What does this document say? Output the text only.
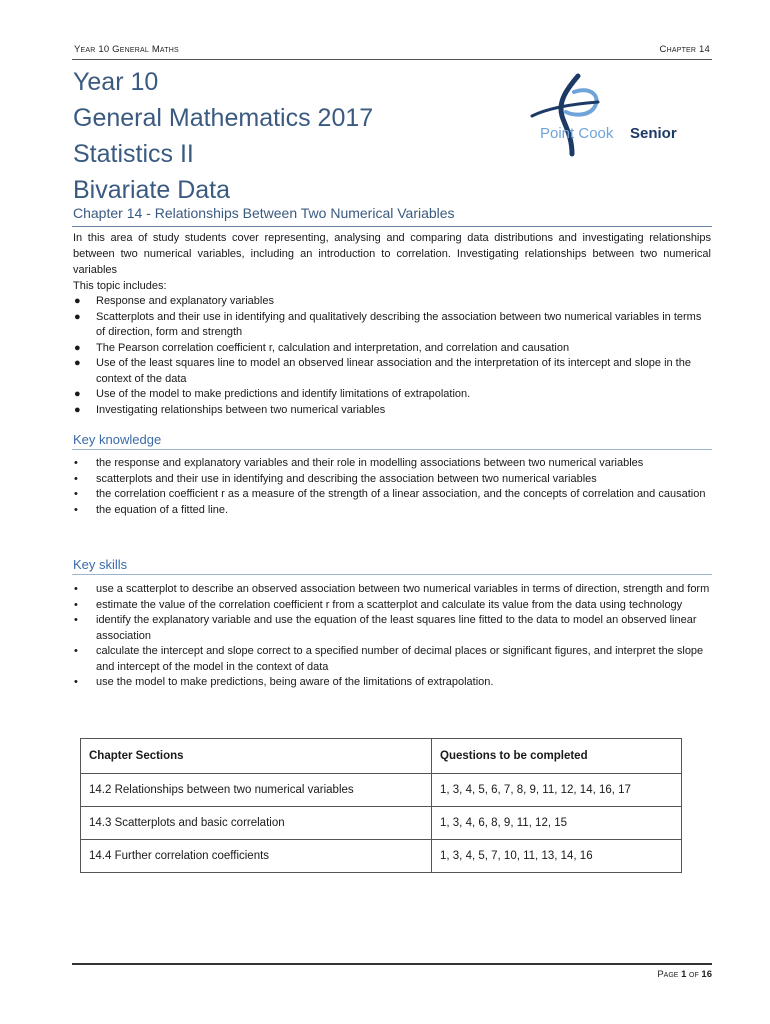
Year 10 General Maths	Chapter 14
Year 10
General Mathematics 2017
Statistics II
Bivariate Data
Point Cook Senior
Chapter 14 - Relationships Between Two Numerical Variables
In this area of study students cover representing, analysing and comparing data distributions and investigating relationships between two numerical variables, including an introduction to correlation. Investigating relationships between two numerical variables
This topic includes:
● Response and explanatory variables
● Scatterplots and their use in identifying and qualitatively describing the association between two numerical variables in terms of direction, form and strength
● The Pearson correlation coefficient r, calculation and interpretation, and correlation and causation
● Use of the least squares line to model an observed linear association and the interpretation of its intercept and slope in the context of the data
● Use of the model to make predictions and identify limitations of extrapolation.
● Investigating relationships between two numerical variables
Key knowledge
• the response and explanatory variables and their role in modelling associations between two numerical variables
• scatterplots and their use in identifying and describing the association between two numerical variables
• the correlation coefficient r as a measure of the strength of a linear association, and the concepts of correlation and causation
• the equation of a fitted line.
Key skills
• use a scatterplot to describe an observed association between two numerical variables in terms of direction, strength and form
• estimate the value of the correlation coefficient r from a scatterplot and calculate its value from the data using technology
• identify the explanatory variable and use the equation of the least squares line fitted to the data to model an observed linear association
• calculate the intercept and slope correct to a specified number of decimal places or significant figures, and interpret the slope and intercept of the model in the context of data
• use the model to make predictions, being aware of the limitations of extrapolation.
Chapter Sections	Questions to be completed
14.2 Relationships between two numerical variables	1, 3, 4, 5, 6, 7, 8, 9, 11, 12, 14, 16, 17
14.3 Scatterplots and basic correlation	1, 3, 4, 6, 8, 9, 11, 12, 15
14.4 Further correlation coefficients	1, 3, 4, 5, 7, 10, 11, 13, 14, 16
Page 1 of 16
